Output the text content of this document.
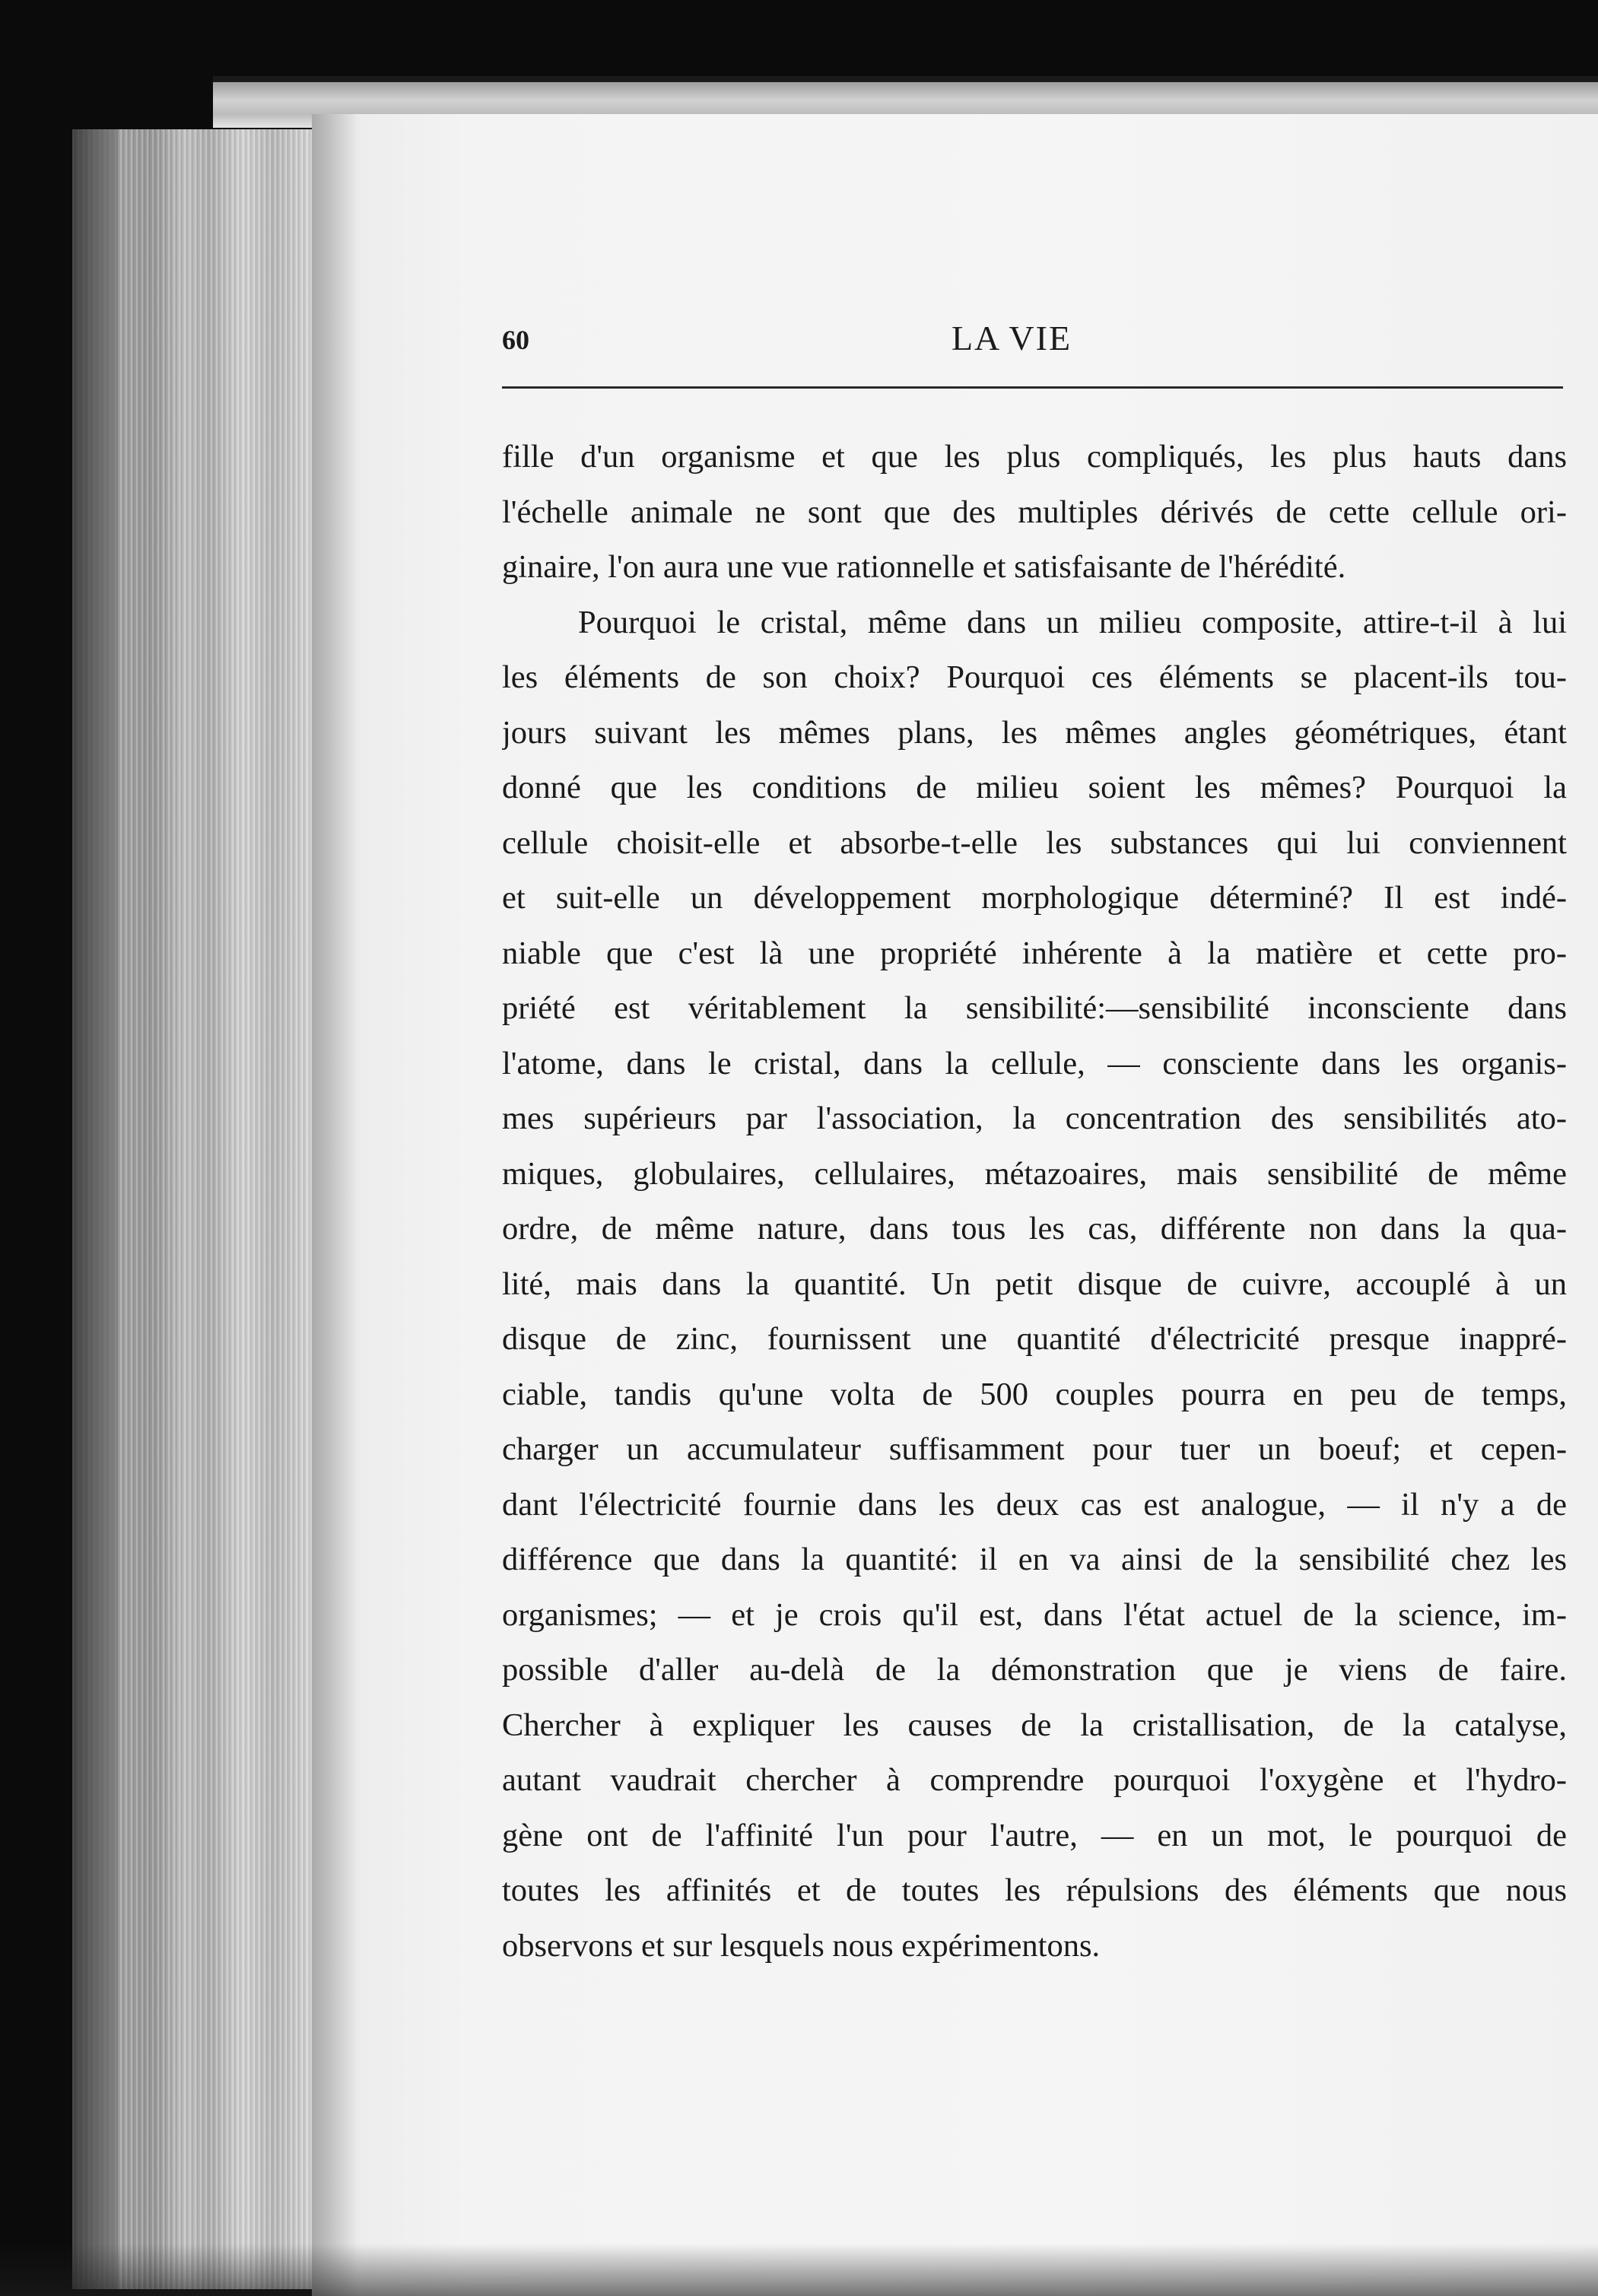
60	LA VIE
fille d'un organisme et que les plus compliqués, les plus hauts dans
l'échelle animale ne sont que des multiples dérivés de cette cellule ori-
ginaire, l'on aura une vue rationnelle et satisfaisante de l'hérédité.
Pourquoi le cristal, même dans un milieu composite, attire-t-il à lui
les éléments de son choix? Pourquoi ces éléments se placent-ils tou-
jours suivant les mêmes plans, les mêmes angles géométriques, étant
donné que les conditions de milieu soient les mêmes? Pourquoi la
cellule choisit-elle et absorbe-t-elle les substances qui lui conviennent
et suit-elle un développement morphologique déterminé? Il est indé-
niable que c'est là une propriété inhérente à la matière et cette pro-
priété est véritablement la sensibilité:—sensibilité inconsciente dans
l'atome, dans le cristal, dans la cellule, — consciente dans les organis-
mes supérieurs par l'association, la concentration des sensibilités ato-
miques, globulaires, cellulaires, métazoaires, mais sensibilité de même
ordre, de même nature, dans tous les cas, différente non dans la qua-
lité, mais dans la quantité. Un petit disque de cuivre, accouplé à un
disque de zinc, fournissent une quantité d'électricité presque inappré-
ciable, tandis qu'une volta de 500 couples pourra en peu de temps,
charger un accumulateur suffisamment pour tuer un boeuf; et cepen-
dant l'électricité fournie dans les deux cas est analogue, — il n'y a de
différence que dans la quantité: il en va ainsi de la sensibilité chez les
organismes; — et je crois qu'il est, dans l'état actuel de la science, im-
possible d'aller au-delà de la démonstration que je viens de faire.
Chercher à expliquer les causes de la cristallisation, de la catalyse,
autant vaudrait chercher à comprendre pourquoi l'oxygène et l'hydro-
gène ont de l'affinité l'un pour l'autre, — en un mot, le pourquoi de
toutes les affinités et de toutes les répulsions des éléments que nous
observons et sur lesquels nous expérimentons.
